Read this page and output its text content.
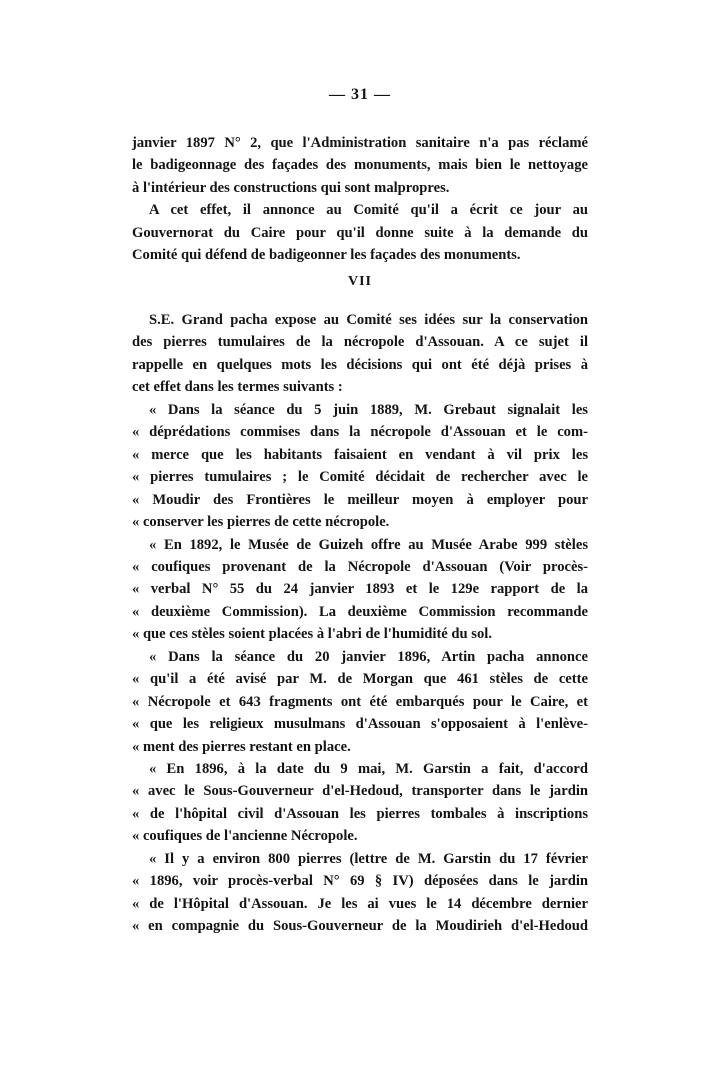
— 31 —
janvier 1897 N° 2, que l'Administration sanitaire n'a pas réclamé
le badigeonnage des façades des monuments, mais bien le nettoyage
à l'intérieur des constructions qui sont malpropres.
A cet effet, il annonce au Comité qu'il a écrit ce jour au
Gouvernorat du Caire pour qu'il donne suite à la demande du
Comité qui défend de badigeonner les façades des monuments.
VII
S.E. Grand pacha expose au Comité ses idées sur la conservation
des pierres tumulaires de la nécropole d'Assouan. A ce sujet il
rappelle en quelques mots les décisions qui ont été déjà prises à
cet effet dans les termes suivants :
« Dans la séance du 5 juin 1889, M. Grebaut signalait les
« déprédations commises dans la nécropole d'Assouan et le com-
« merce que les habitants faisaient en vendant à vil prix les
« pierres tumulaires ; le Comité décidait de rechercher avec le
« Moudir des Frontières le meilleur moyen à employer pour
« conserver les pierres de cette nécropole.
« En 1892, le Musée de Guizeh offre au Musée Arabe 999 stèles
« coufiques provenant de la Nécropole d'Assouan (Voir procès-
« verbal N° 55 du 24 janvier 1893 et le 129e rapport de la
« deuxième Commission). La deuxième Commission recommande
« que ces stèles soient placées à l'abri de l'humidité du sol.
« Dans la séance du 20 janvier 1896, Artin pacha annonce
« qu'il a été avisé par M. de Morgan que 461 stèles de cette
« Nécropole et 643 fragments ont été embarqués pour le Caire, et
« que les religieux musulmans d'Assouan s'opposaient à l'enlève-
« ment des pierres restant en place.
« En 1896, à la date du 9 mai, M. Garstin a fait, d'accord
« avec le Sous-Gouverneur d'el-Hedoud, transporter dans le jardin
« de l'hôpital civil d'Assouan les pierres tombales à inscriptions
« coufiques de l'ancienne Nécropole.
« Il y a environ 800 pierres (lettre de M. Garstin du 17 février
« 1896, voir procès-verbal N° 69 § IV) déposées dans le jardin
« de l'Hôpital d'Assouan. Je les ai vues le 14 décembre dernier
« en compagnie du Sous-Gouverneur de la Moudirieh d'el-Hedoud
